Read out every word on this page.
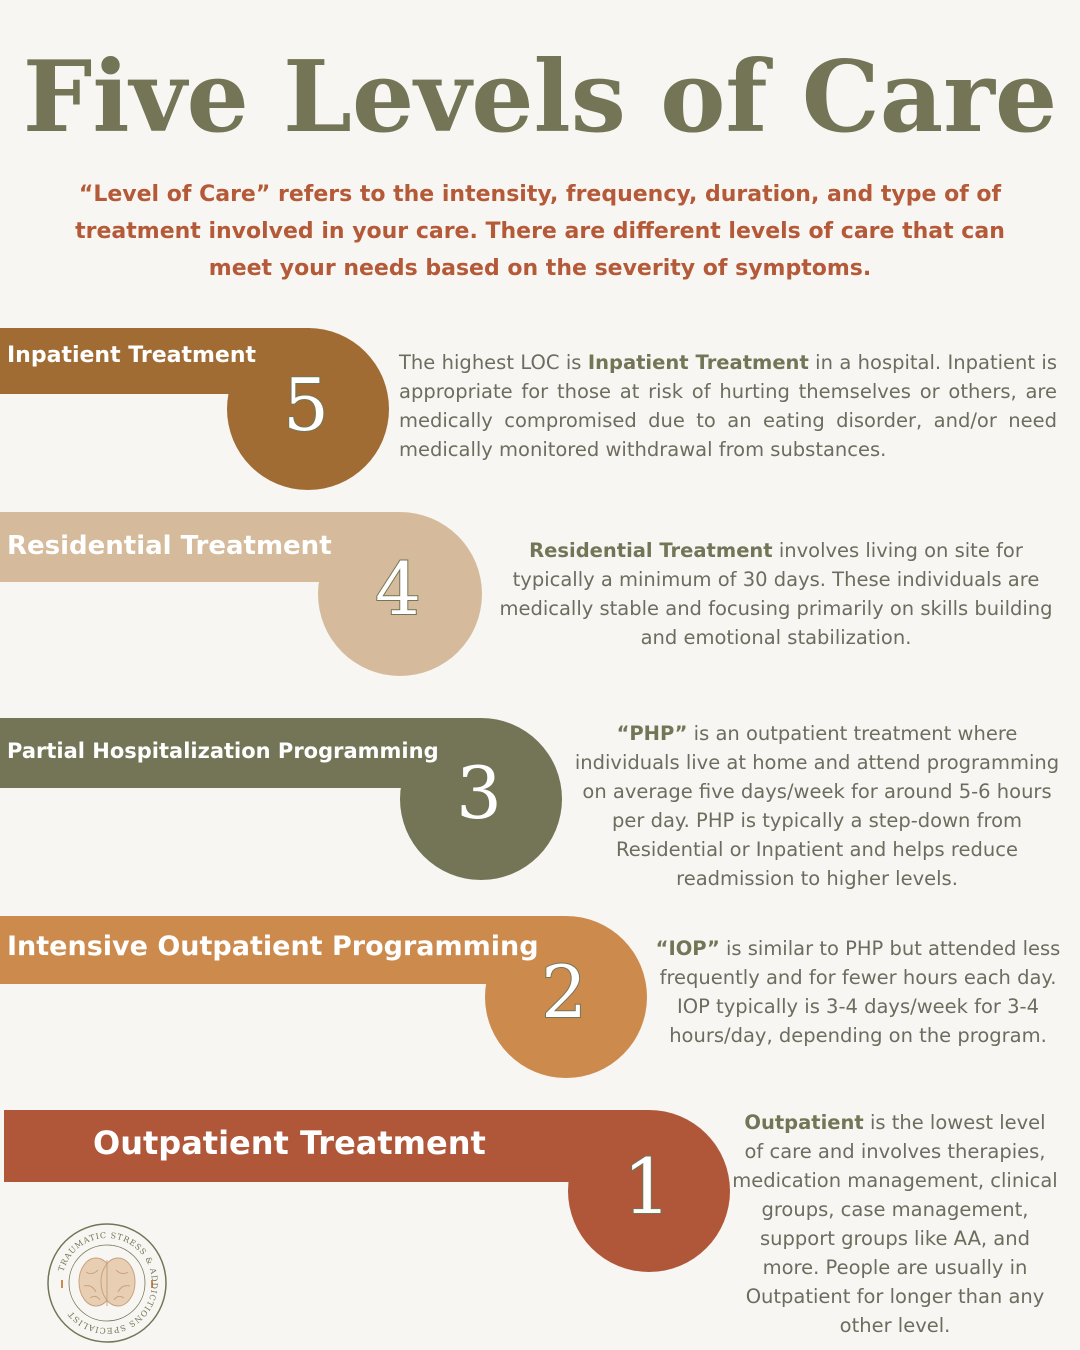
Five Levels of Care

“Level of Care” refers to the intensity, frequency, duration, and type of of treatment involved in your care. There are different levels of care that can meet your needs based on the severity of symptoms.

5
Inpatient Treatment	The highest LOC is Inpatient Treatment in a hospital. Inpatient is appropriate for those at risk of hurting themselves or others, are medically compromised due to an eating disorder, and/or need medically monitored withdrawal from substances.

4
Residential Treatment	Residential Treatment involves living on site for typically a minimum of 30 days. These individuals are medically stable and focusing primarily on skills building and emotional stabilization.

3
Partial Hospitalization Programming

“PHP” is an outpatient treatment where individuals live at home and attend programming on average five days/week for around 5-6 hours per day. PHP is typically a step-down from Residential or Inpatient and helps reduce readmission to higher levels.

2
Intensive Outpatient Programming	“IOP” is similar to PHP but attended less frequently and for fewer hours each day. IOP typically is 3-4 days/week for 3-4 hours/day, depending on the program.

1
Outpatient Treatment

Outpatient is the lowest level of care and involves therapies, medication management, clinical groups, case management, support groups like AA, and more. People are usually in Outpatient for longer than any other level.

TRAUMATIC STRESS & ADDICTIONS SPECIALIST
